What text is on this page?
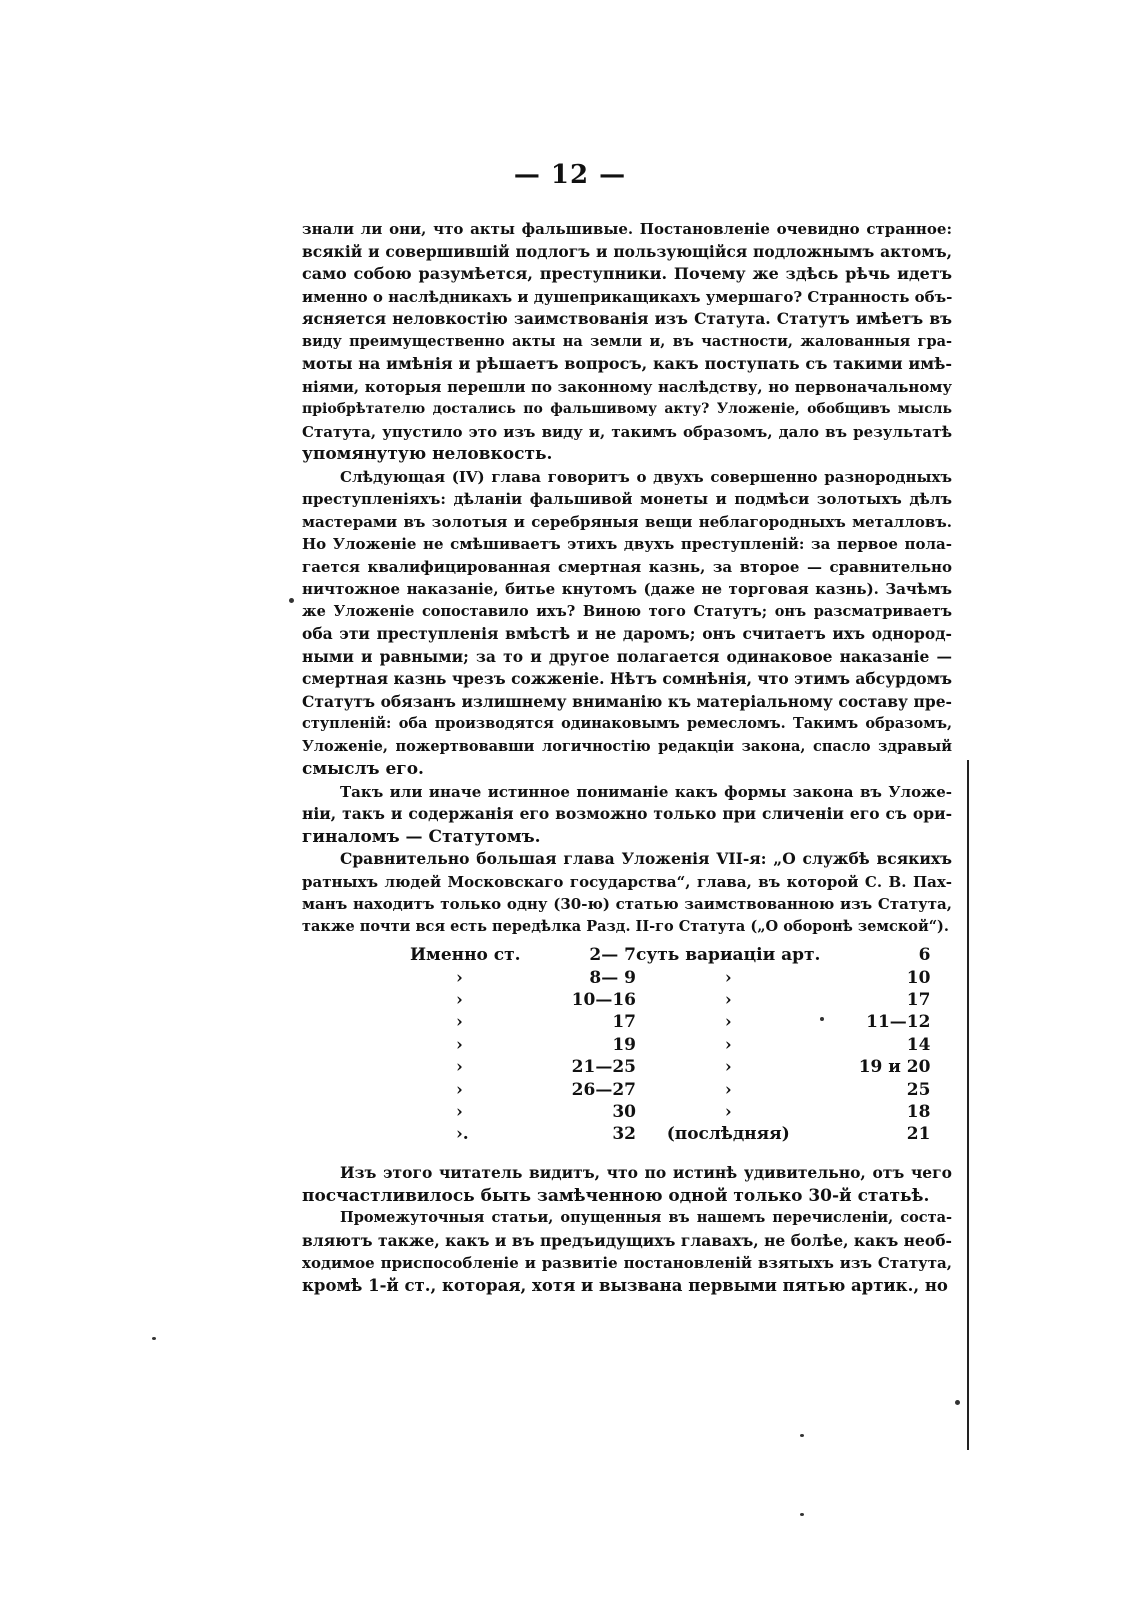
— 12 —
знали ли они, что акты фальшивые. Постановленіе очевидно странное:
всякій и совершившій подлогъ и пользующійся подложнымъ актомъ,
само собою разумѣется, преступники. Почему же здѣсь рѣчь идетъ
именно о наслѣдникахъ и душеприкащикахъ умершаго? Странность объ-
ясняется неловкостію заимствованія изъ Статута. Статутъ имѣетъ въ
виду преимущественно акты на земли и, въ частности, жалованныя гра-
моты на имѣнія и рѣшаетъ вопросъ, какъ поступать съ такими имѣ-
ніями, которыя перешли по законному наслѣдству, но первоначальному
пріобрѣтателю достались по фальшивому акту? Уложеніе, обобщивъ мысль
Статута, упустило это изъ виду и, такимъ образомъ, дало въ результатѣ
упомянутую неловкость.
Слѣдующая (IV) глава говоритъ о двухъ совершенно разнородныхъ
преступленіяхъ: дѣланіи фальшивой монеты и подмѣси золотыхъ дѣлъ
мастерами въ золотыя и серебряныя вещи неблагородныхъ металловъ.
Но Уложеніе не смѣшиваетъ этихъ двухъ преступленій: за первое пола-
гается квалифицированная смертная казнь, за второе — сравнительно
ничтожное наказаніе, битье кнутомъ (даже не торговая казнь). Зачѣмъ
же Уложеніе сопоставило ихъ? Виною того Статутъ; онъ разсматриваетъ
оба эти преступленія вмѣстѣ и не даромъ; онъ считаетъ ихъ однород-
ными и равными; за то и другое полагается одинаковое наказаніе —
смертная казнь чрезъ сожженіе. Нѣтъ сомнѣнія, что этимъ абсурдомъ
Статутъ обязанъ излишнему вниманію къ матеріальному составу пре-
ступленій: оба производятся одинаковымъ ремесломъ. Такимъ образомъ,
Уложеніе, пожертвовавши логичностію редакціи закона, спасло здравый
смыслъ его.
Такъ или иначе истинное пониманіе какъ формы закона въ Уложе-
ніи, такъ и содержанія его возможно только при сличеніи его съ ори-
гиналомъ — Статутомъ.
Сравнительно большая глава Уложенія VII-я: „О службѣ всякихъ
ратныхъ людей Московскаго государства“, глава, въ которой С. В. Пах-
манъ находитъ только одну (30-ю) статью заимствованною изъ Статута,
также почти вся есть передѣлка Разд. II-го Статута („О оборонѣ земской“).
Именно ст.	2— 7	суть вариаціи арт.	6
›	8— 9	›	10
›	10—16	›	17
›	17	›	11—12
›	19	›	14
›	21—25	›	19 и 20
›	26—27	›	25
›	30	›	18
›.	32	(послѣдняя)	21
Изъ этого читатель видитъ, что по истинѣ удивительно, отъ чего
посчастливилось быть замѣченною одной только 30-й статьѣ.
Промежуточныя статьи, опущенныя въ нашемъ перечисленіи, соста-
вляютъ также, какъ и въ предъидущихъ главахъ, не болѣе, какъ необ-
ходимое приспособленіе и развитіе постановленій взятыхъ изъ Статута,
кромѣ 1-й ст., которая, хотя и вызвана первыми пятью артик., но
